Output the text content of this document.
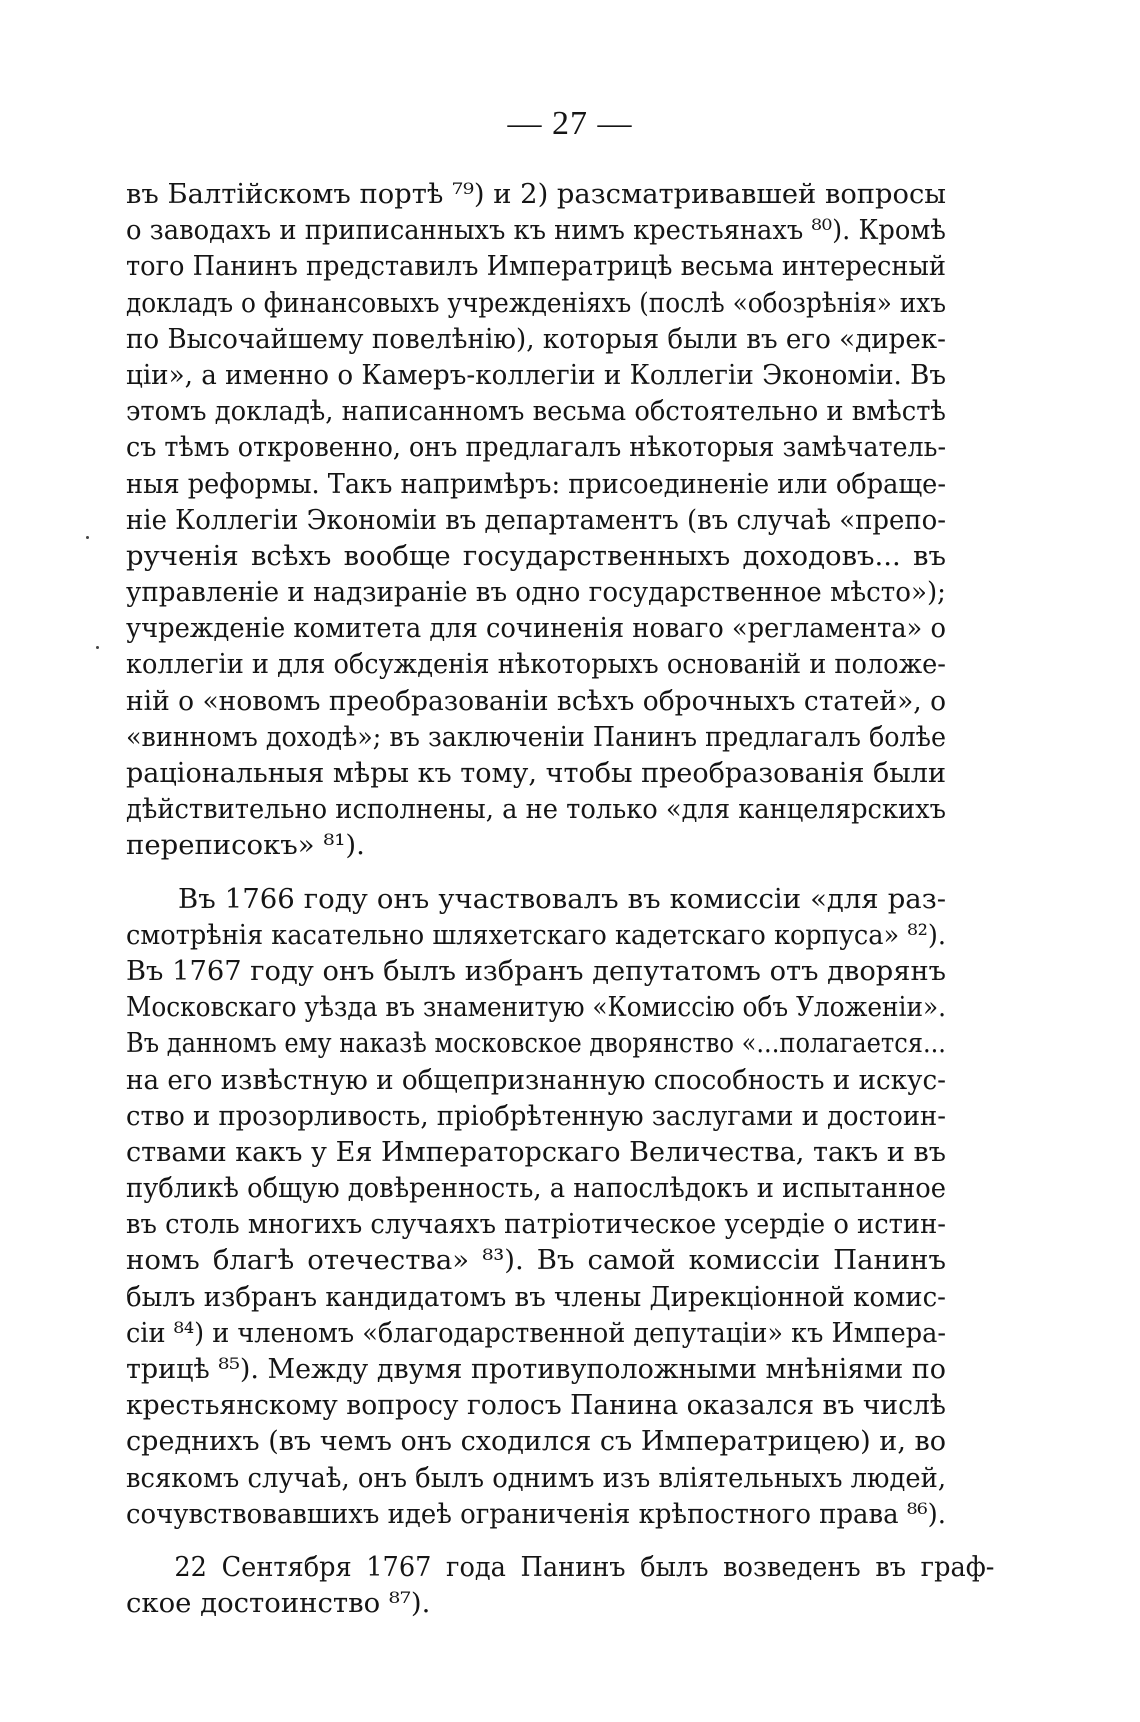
— 27 —
въ Балтійскомъ портѣ ⁷⁹) и 2) разсматривавшей вопросы
о заводахъ и приписанныхъ къ нимъ крестьянахъ ⁸⁰). Кромѣ
того Панинъ представилъ Императрицѣ весьма интересный
докладъ о финансовыхъ учрежденіяхъ (послѣ «обозрѣнія» ихъ
по Высочайшему повелѣнію), которыя были въ его «дирек-
ціи», а именно о Камеръ-коллегіи и Коллегіи Экономіи. Въ
этомъ докладѣ, написанномъ весьма обстоятельно и вмѣстѣ
съ тѣмъ откровенно, онъ предлагалъ нѣкоторыя замѣчатель-
ныя реформы. Такъ напримѣръ: присоединеніе или обраще-
ніе Коллегіи Экономіи въ департаментъ (въ случаѣ «препо-
рученія всѣхъ вообще государственныхъ доходовъ... въ
управленіе и надзираніе въ одно государственное мѣсто»);
учрежденіе комитета для сочиненія новаго «регламента» о
коллегіи и для обсужденія нѣкоторыхъ основаній и положе-
ній о «новомъ преобразованіи всѣхъ оброчныхъ статей», о
«винномъ доходѣ»; въ заключеніи Панинъ предлагалъ болѣе
раціональныя мѣры къ тому, чтобы преобразованія были
дѣйствительно исполнены, а не только «для канцелярскихъ
переписокъ» ⁸¹).
Въ 1766 году онъ участвовалъ въ комиссіи «для раз-
смотрѣнія касательно шляхетскаго кадетскаго корпуса» ⁸²).
Въ 1767 году онъ былъ избранъ депутатомъ отъ дворянъ
Московскаго уѣзда въ знаменитую «Комиссію объ Уложеніи».
Въ данномъ ему наказѣ московское дворянство «...полагается...
на его извѣстную и общепризнанную способность и искус-
ство и прозорливость, пріобрѣтенную заслугами и достоин-
ствами какъ у Ея Императорскаго Величества, такъ и въ
публикѣ общую довѣренность, а напослѣдокъ и испытанное
въ столь многихъ случаяхъ патріотическое усердіе о истин-
номъ благѣ отечества» ⁸³). Въ самой комиссіи Панинъ
былъ избранъ кандидатомъ въ члены Дирекціонной комис-
сіи ⁸⁴) и членомъ «благодарственной депутаціи» къ Импера-
трицѣ ⁸⁵). Между двумя противуположными мнѣніями по
крестьянскому вопросу голосъ Панина оказался въ числѣ
среднихъ (въ чемъ онъ сходился съ Императрицею) и, во
всякомъ случаѣ, онъ былъ однимъ изъ вліятельныхъ людей,
сочувствовавшихъ идеѣ ограниченія крѣпостного права ⁸⁶).
22 Сентября 1767 года Панинъ былъ возведенъ въ граф-
ское достоинство ⁸⁷).
